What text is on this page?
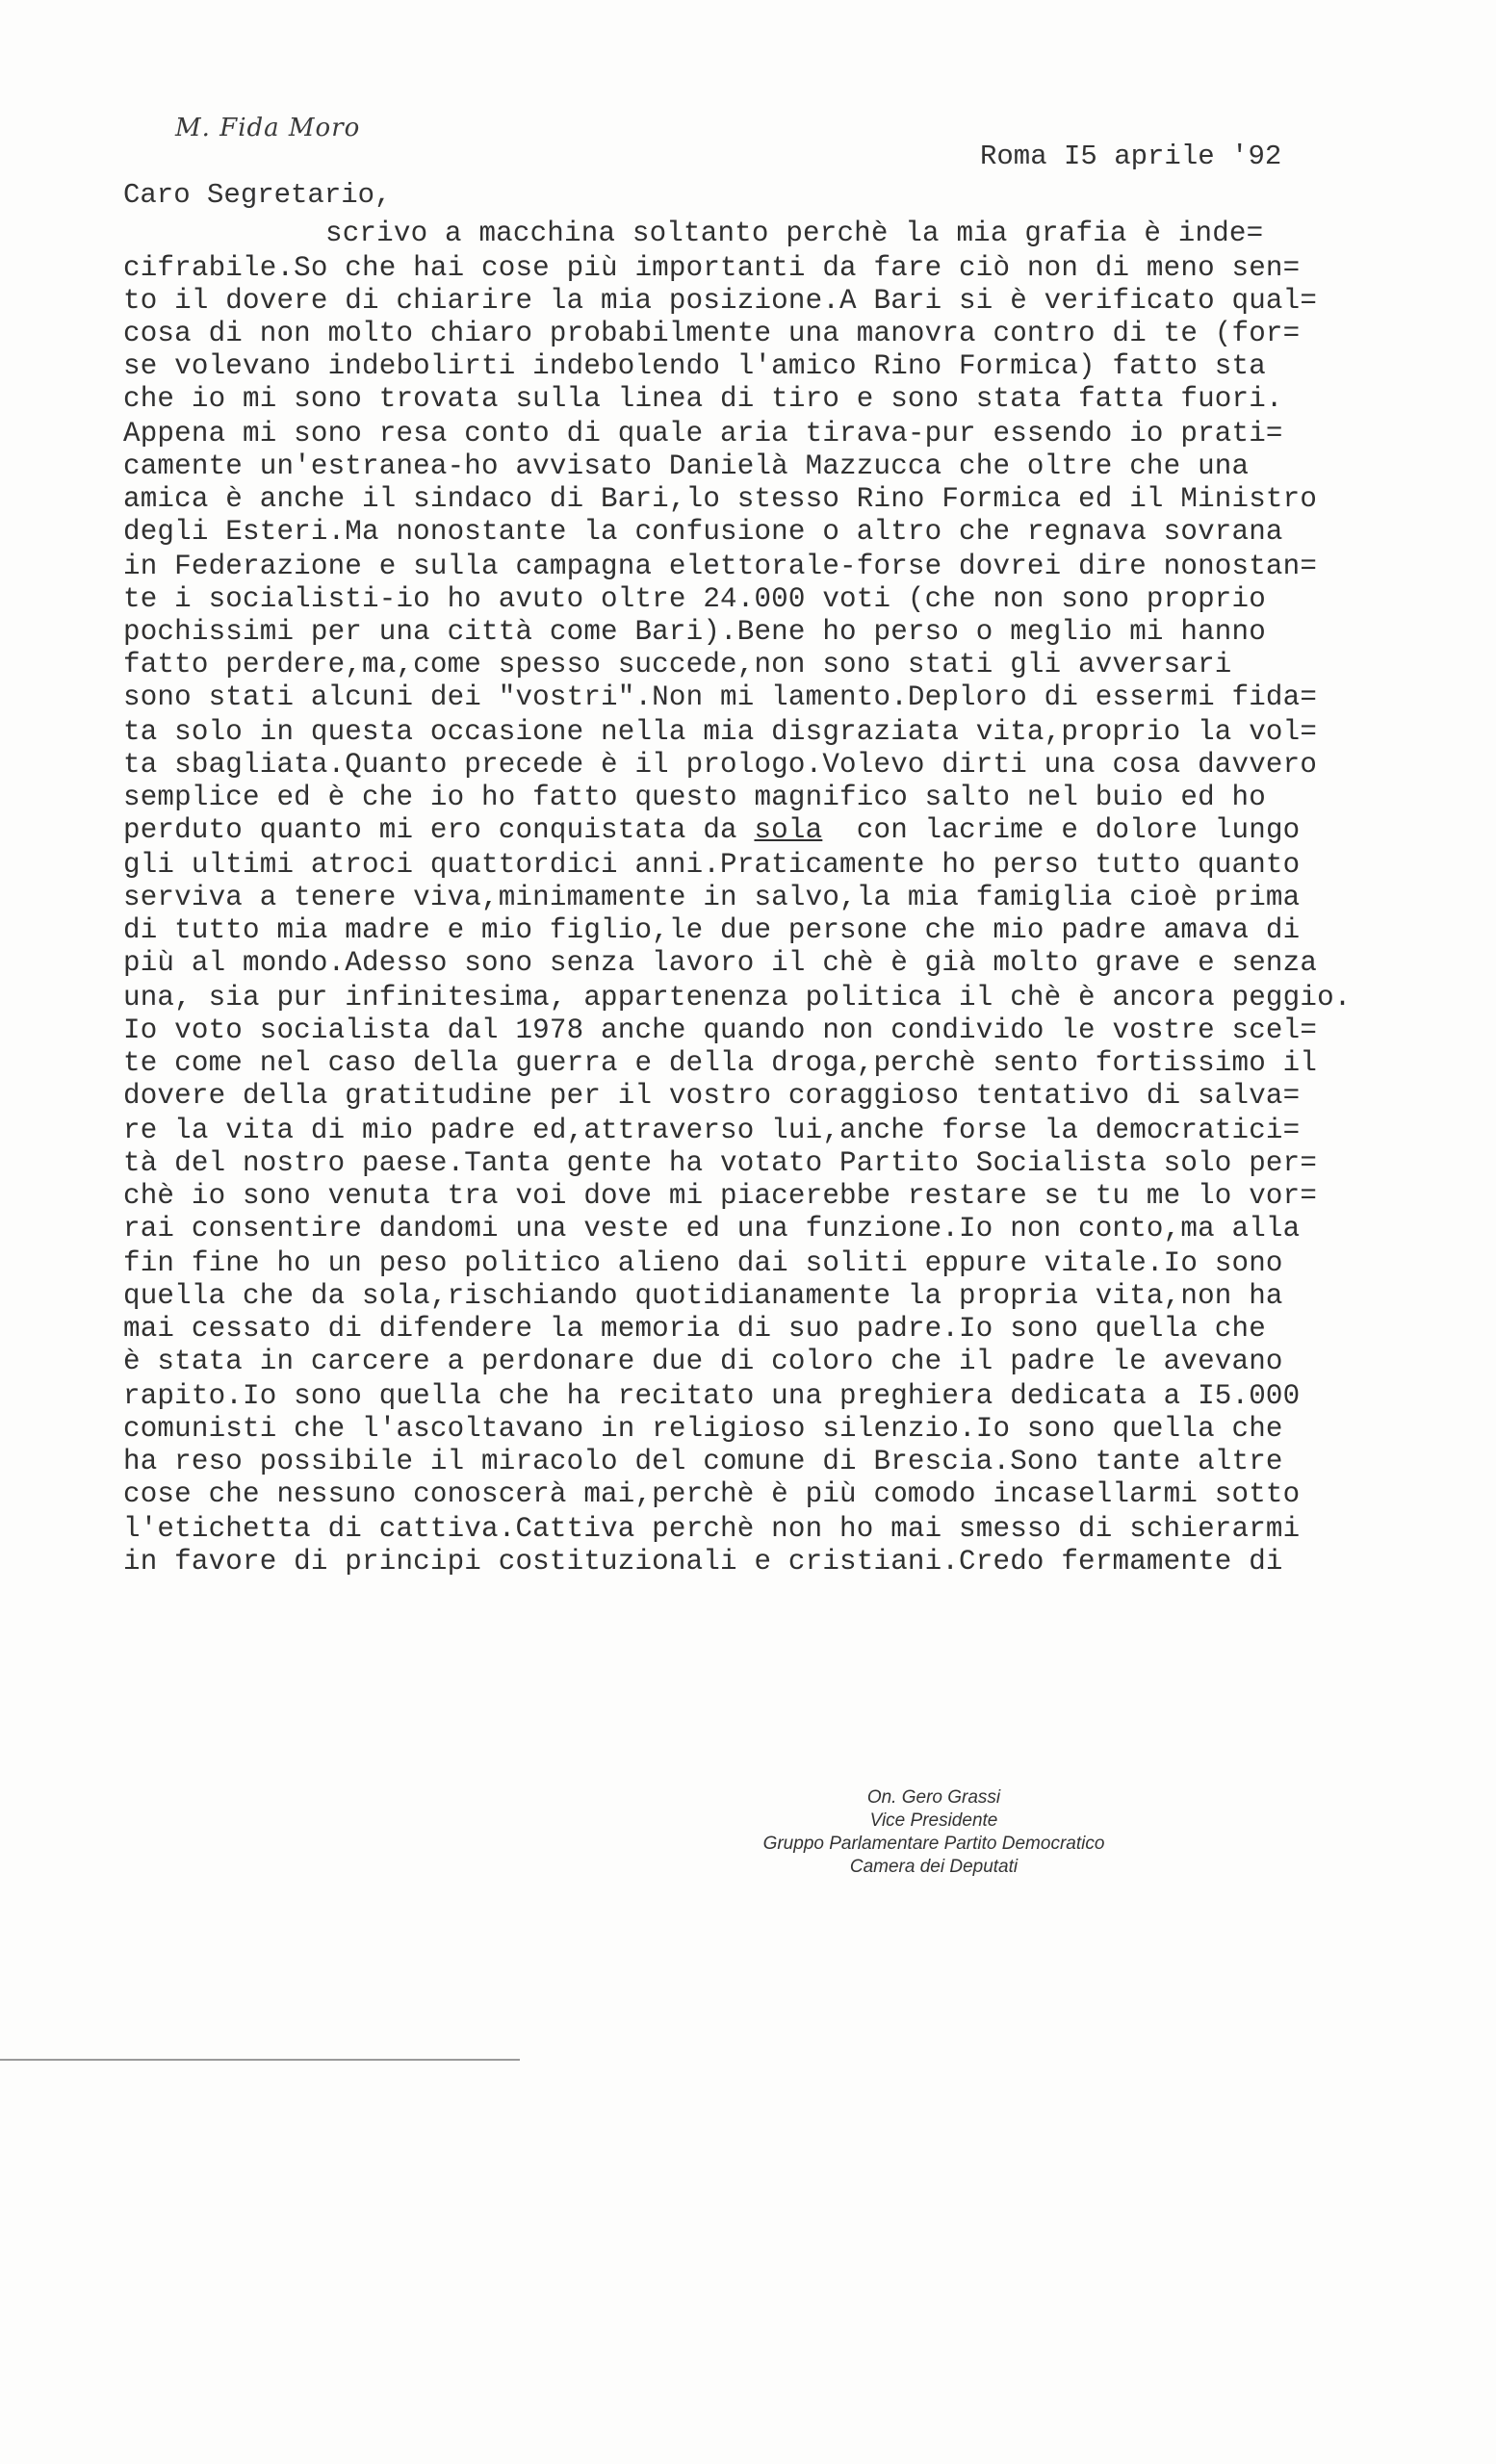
M. Fida Moro
Roma I5 aprile '92
Caro Segretario,
scrivo a macchina soltanto perchè la mia grafia è inde=
cifrabile.So che hai cose più importanti da fare ciò non di meno sen=
to il dovere di chiarire la mia posizione.A Bari si è verificato qual=
cosa di non molto chiaro probabilmente una manovra contro di te (for=
se volevano indebolirti indebolendo l'amico Rino Formica) fatto sta
che io mi sono trovata sulla linea di tiro e sono stata fatta fuori.
Appena mi sono resa conto di quale aria tirava-pur essendo io prati=
camente un'estranea-ho avvisato Danielà Mazzucca che oltre che una
amica è anche il sindaco di Bari,lo stesso Rino Formica ed il Ministro
degli Esteri.Ma nonostante la confusione o altro che regnava sovrana
in Federazione e sulla campagna elettorale-forse dovrei dire nonostan=
te i socialisti-io ho avuto oltre 24.000 voti (che non sono proprio
pochissimi per una città come Bari).Bene ho perso o meglio mi hanno
fatto perdere,ma,come spesso succede,non sono stati gli avversari
sono stati alcuni dei "vostri".Non mi lamento.Deploro di essermi fida=
ta solo in questa occasione nella mia disgraziata vita,proprio la vol=
ta sbagliata.Quanto precede è il prologo.Volevo dirti una cosa davvero
semplice ed è che io ho fatto questo magnifico salto nel buio ed ho
perduto quanto mi ero conquistata da sola  con lacrime e dolore lungo
gli ultimi atroci quattordici anni.Praticamente ho perso tutto quanto
serviva a tenere viva,minimamente in salvo,la mia famiglia cioè prima
di tutto mia madre e mio figlio,le due persone che mio padre amava di
più al mondo.Adesso sono senza lavoro il chè è già molto grave e senza
una, sia pur infinitesima, appartenenza politica il chè è ancora peggio.
Io voto socialista dal 1978 anche quando non condivido le vostre scel=
te come nel caso della guerra e della droga,perchè sento fortissimo il
dovere della gratitudine per il vostro coraggioso tentativo di salva=
re la vita di mio padre ed,attraverso lui,anche forse la democratici=
tà del nostro paese.Tanta gente ha votato Partito Socialista solo per=
chè io sono venuta tra voi dove mi piacerebbe restare se tu me lo vor=
rai consentire dandomi una veste ed una funzione.Io non conto,ma alla
fin fine ho un peso politico alieno dai soliti eppure vitale.Io sono
quella che da sola,rischiando quotidianamente la propria vita,non ha
mai cessato di difendere la memoria di suo padre.Io sono quella che
è stata in carcere a perdonare due di coloro che il padre le avevano
rapito.Io sono quella che ha recitato una preghiera dedicata a I5.000
comunisti che l'ascoltavano in religioso silenzio.Io sono quella che
ha reso possibile il miracolo del comune di Brescia.Sono tante altre
cose che nessuno conoscerà mai,perchè è più comodo incasellarmi sotto
l'etichetta di cattiva.Cattiva perchè non ho mai smesso di schierarmi
in favore di principi costituzionali e cristiani.Credo fermamente di
On. Gero Grassi
Vice Presidente
Gruppo Parlamentare Partito Democratico
Camera dei Deputati
